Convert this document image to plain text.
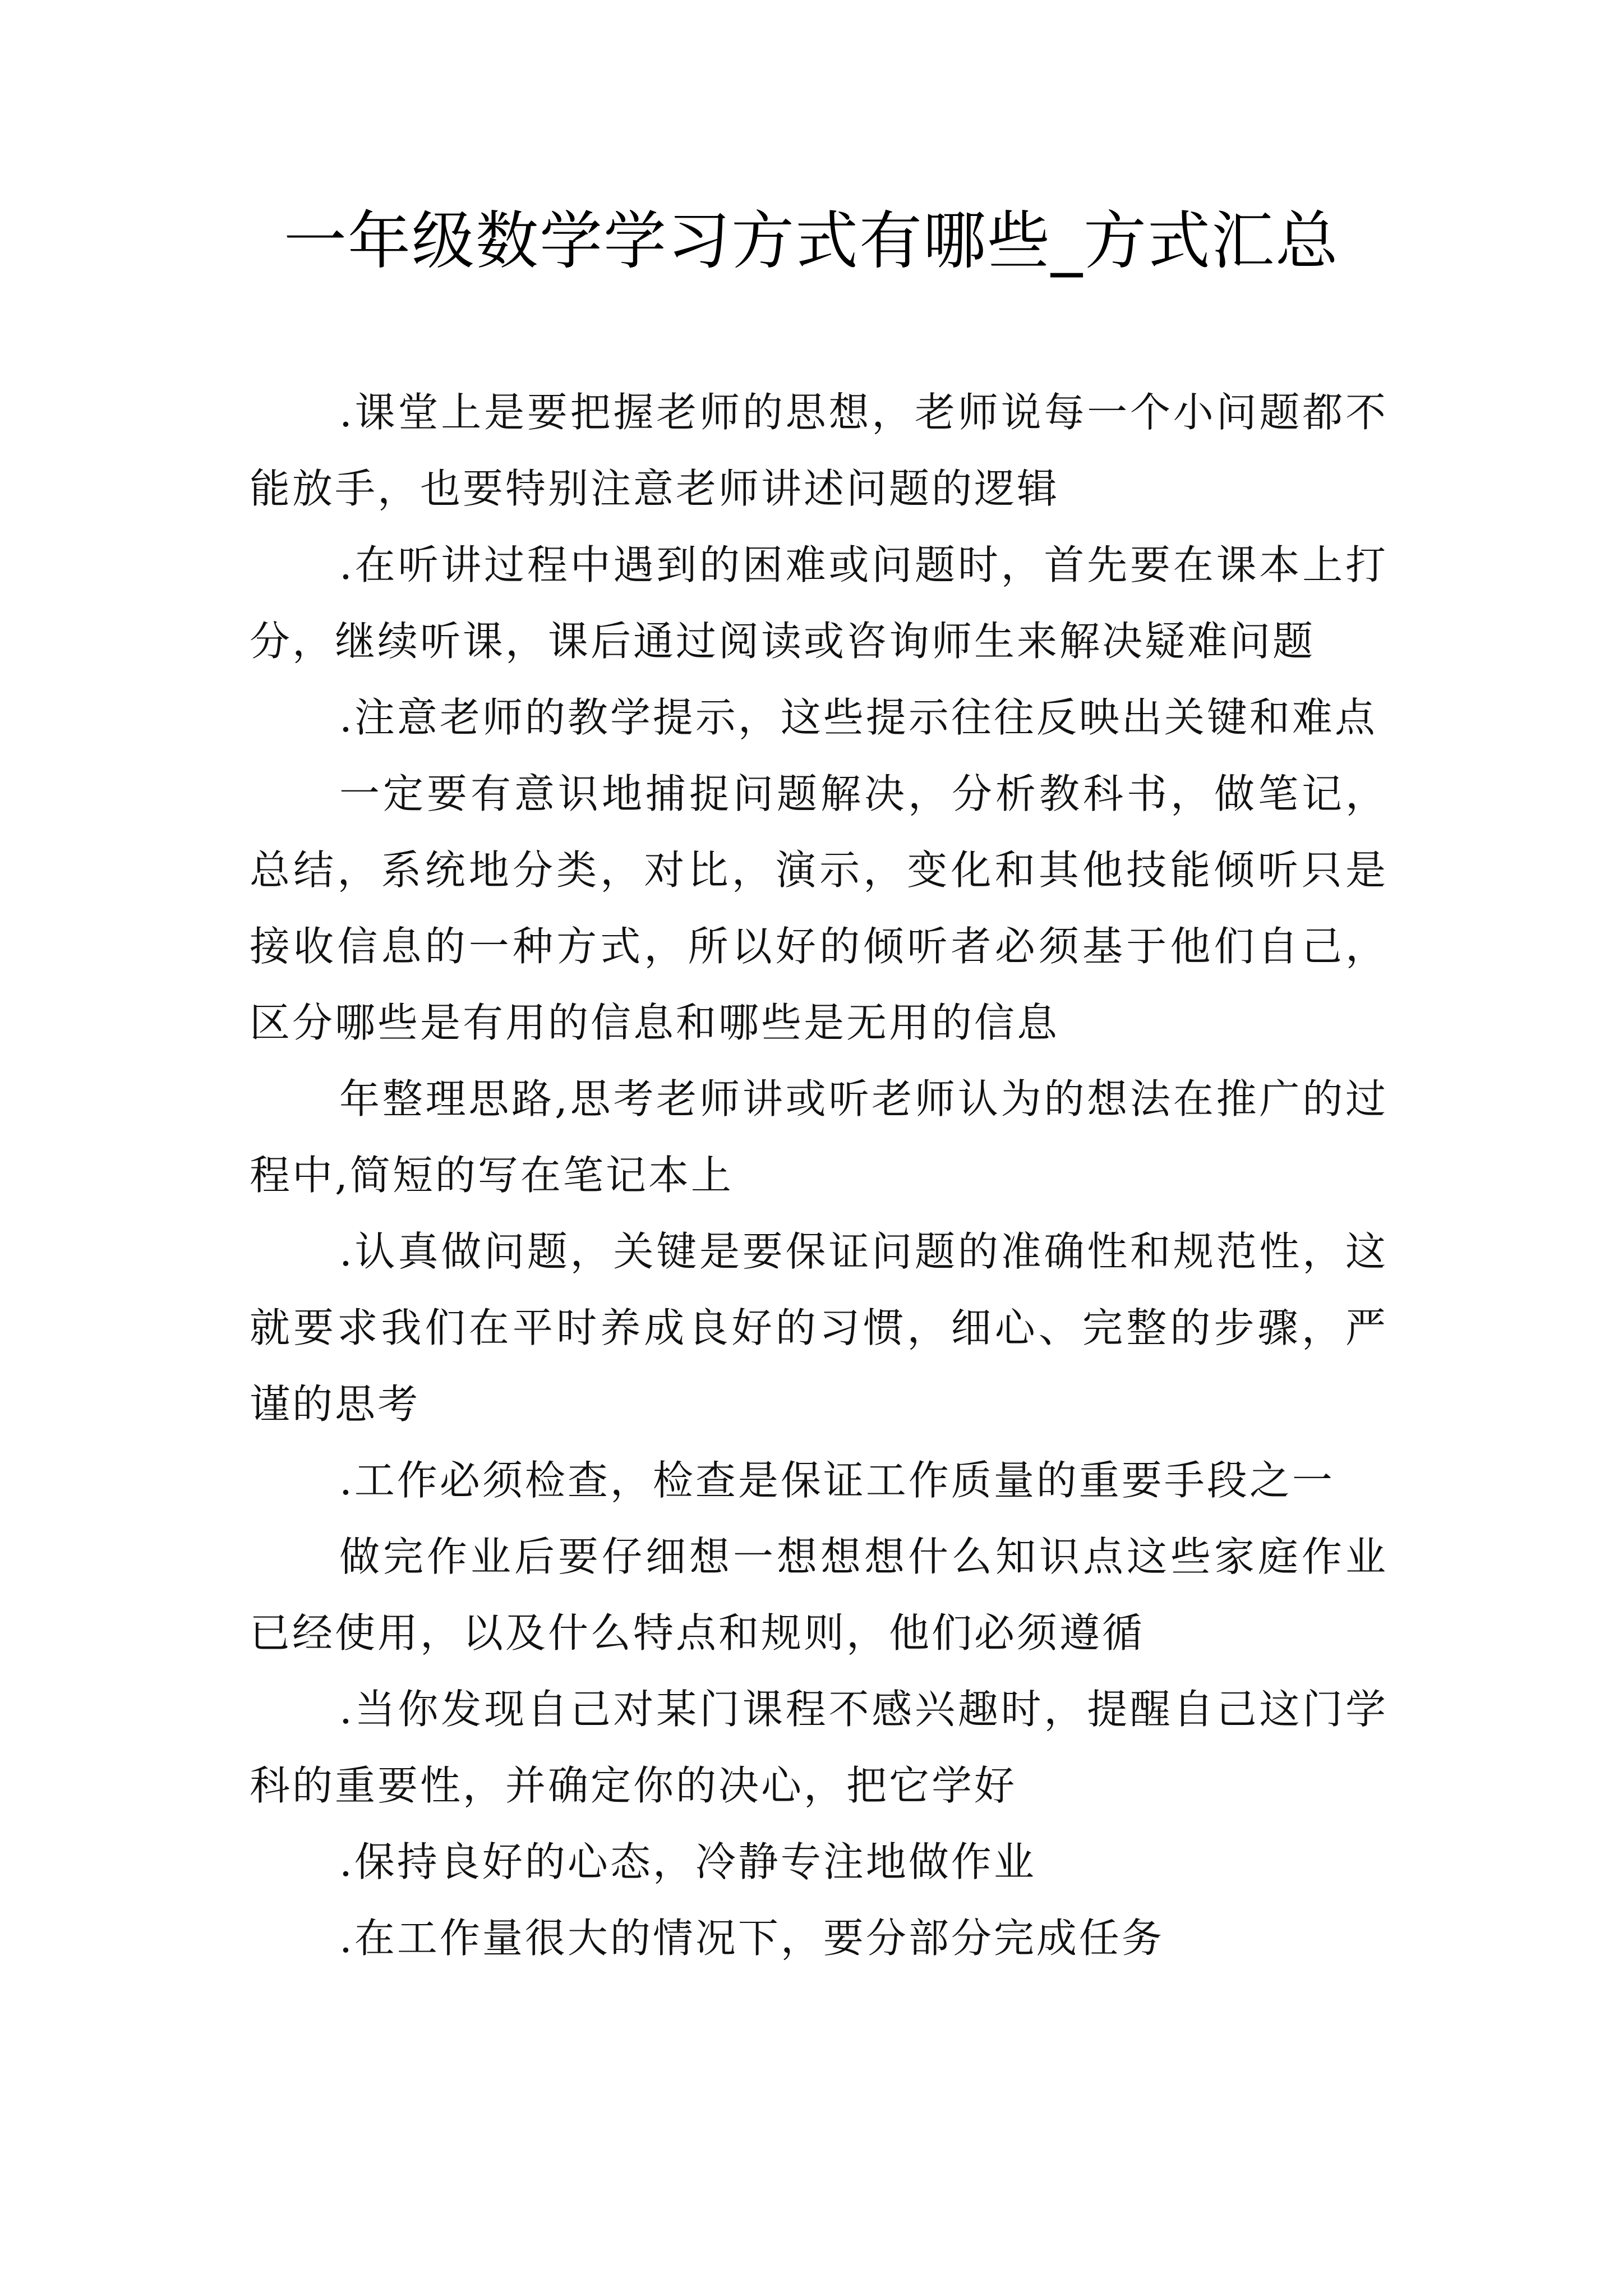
一年级数学学习方式有哪些_方式汇总

.课堂上是要把握老师的思想，老师说每一个小问题都不能放手，也要特别注意老师讲述问题的逻辑

.在听讲过程中遇到的困难或问题时，首先要在课本上打分，继续听课，课后通过阅读或咨询师生来解决疑难问题

.注意老师的教学提示，这些提示往往反映出关键和难点

一定要有意识地捕捉问题解决，分析教科书，做笔记，总结，系统地分类，对比，演示，变化和其他技能倾听只是接收信息的一种方式，所以好的倾听者必须基于他们自己，区分哪些是有用的信息和哪些是无用的信息

年整理思路,思考老师讲或听老师认为的想法在推广的过程中,简短的写在笔记本上

.认真做问题，关键是要保证问题的准确性和规范性，这就要求我们在平时养成良好的习惯，细心、完整的步骤，严谨的思考

.工作必须检查，检查是保证工作质量的重要手段之一

做完作业后要仔细想一想想想什么知识点这些家庭作业已经使用，以及什么特点和规则，他们必须遵循

.当你发现自己对某门课程不感兴趣时，提醒自己这门学科的重要性，并确定你的决心，把它学好

.保持良好的心态，冷静专注地做作业

.在工作量很大的情况下，要分部分完成任务
